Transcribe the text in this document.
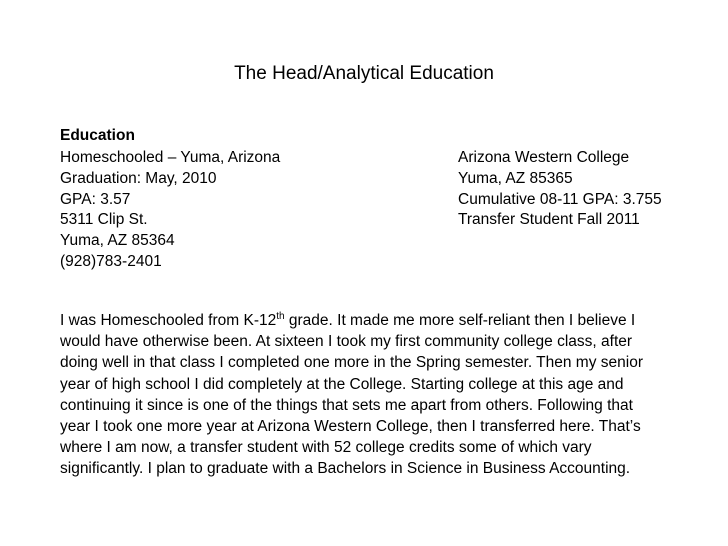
The Head/Analytical Education
Education
Homeschooled – Yuma, Arizona
Graduation: May, 2010
GPA: 3.57
5311 Clip St.
Yuma, AZ 85364
(928)783-2401
Arizona Western College
Yuma, AZ 85365
Cumulative 08-11 GPA: 3.755
Transfer Student Fall 2011
I was Homeschooled from K-12th grade. It made me more self-reliant then I believe I
would have otherwise been. At sixteen I took my first community college class, after
doing well in that class I completed one more in the Spring semester. Then my senior
year of high school I did completely at the College. Starting college at this age and
continuing it since is one of the things that sets me apart from others. Following that
year I took one more year at Arizona Western College, then I transferred here. That’s
where I am now, a transfer student with 52 college credits some of which vary
significantly. I plan to graduate with a Bachelors in Science in Business Accounting.
